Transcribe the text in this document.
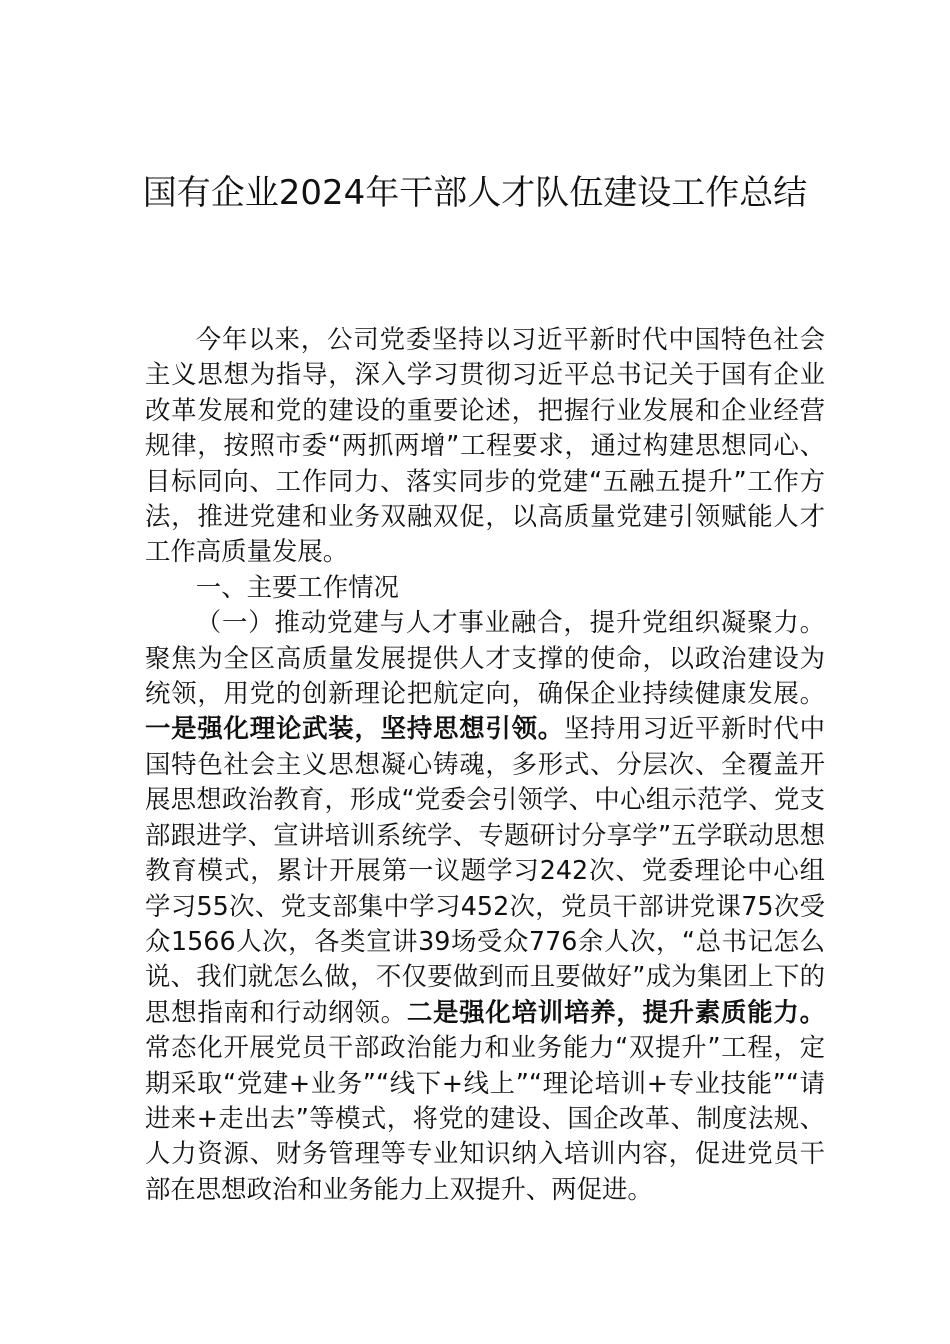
国有企业2024年干部人才队伍建设工作总结

今年以来，公司党委坚持以习近平新时代中国特色社会主义思想为指导，深入学习贯彻习近平总书记关于国有企业改革发展和党的建设的重要论述，把握行业发展和企业经营规律，按照市委“两抓两增”工程要求，通过构建思想同心、目标同向、工作同力、落实同步的党建“五融五提升”工作方法，推进党建和业务双融双促，以高质量党建引领赋能人才工作高质量发展。

一、主要工作情况

（一）推动党建与人才事业融合，提升党组织凝聚力。聚焦为全区高质量发展提供人才支撑的使命，以政治建设为统领，用党的创新理论把航定向，确保企业持续健康发展。一是强化理论武装，坚持思想引领。坚持用习近平新时代中国特色社会主义思想凝心铸魂，多形式、分层次、全覆盖开展思想政治教育，形成“党委会引领学、中心组示范学、党支部跟进学、宣讲培训系统学、专题研讨分享学”五学联动思想教育模式，累计开展第一议题学习242次、党委理论中心组学习55次、党支部集中学习452次，党员干部讲党课75次受众1566人次，各类宣讲39场受众776余人次，“总书记怎么说、我们就怎么做，不仅要做到而且要做好”成为集团上下的思想指南和行动纲领。二是强化培训培养，提升素质能力。常态化开展党员干部政治能力和业务能力“双提升”工程，定期采取“党建+业务”“线下+线上”“理论培训+专业技能”“请进来+走出去”等模式，将党的建设、国企改革、制度法规、人力资源、财务管理等专业知识纳入培训内容，促进党员干部在思想政治和业务能力上双提升、两促进。
